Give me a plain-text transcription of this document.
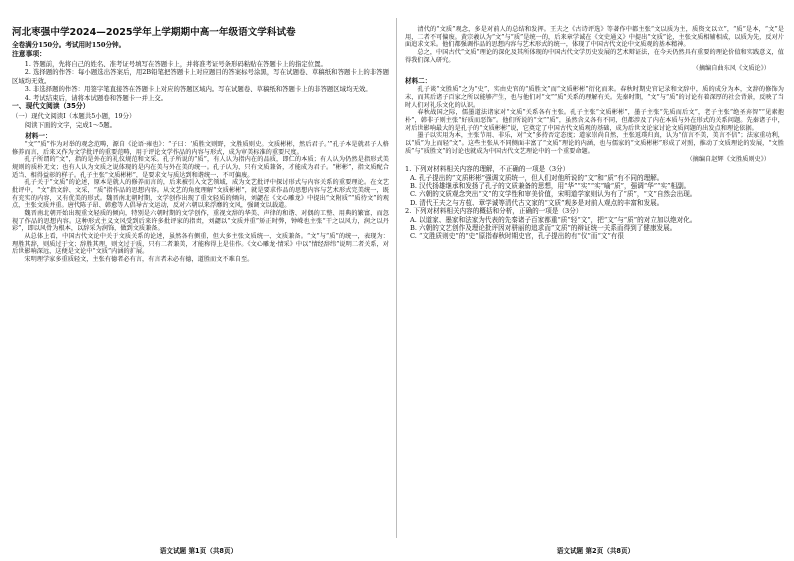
河北枣强中学2024—2025学年上学期期中高一年级语文学科试卷

全卷满分150分。考试用时150分钟。

注意事项：

1. 答题前，先将自己的姓名、准考证号填写在答题卡上，并将准考证号条形码粘贴在答题卡上的指定位置。

2. 选择题的作答：每小题选出答案后，用2B铅笔把答题卡上对应题目的答案标号涂黑，写在试题卷、草稿纸和答题卡上的非答题区域均无效。

3. 非选择题的作答：用签字笔直接答在答题卡上对应的答题区域内。写在试题卷、草稿纸和答题卡上的非答题区域均无效。

4. 考试结束后，请将本试题卷和答题卡一并上交。

一、现代文阅读（35分）

（一）现代文阅读Ⅰ（本题共5小题，19分）

阅读下面的文字，完成1～5题。

材料一：

“文”“质”作为对举的观念范畴，源自《论语·雍也》：“子曰：‘质胜文则野，文胜质则史。文质彬彬，然后君子。’”孔子本是就君子人格修养而言，后来又作为文学批评的重要范畴，用于评论文学作品的内容与形式，成为审美标准的重要尺度。

孔子所谓的“文”，指的是外在的礼仪规范和文采。孔子所说的“质”，有人认为指内在的品质，即仁的本质；有人认为仍然是指形式美规则的质朴无文；也有人认为文质之说体现的是内在美与外在美的统一。孔子认为，只有文质兼备，才能成为君子。“彬彬”，指文质配合适当、相得益彰的样子。孔子主张“文质彬彬”，是要求文与质达到和谐统一，不可偏废。

孔子关于“文质”的论述，原本是就人的修养而言的，后来被引入文艺领域，成为文艺批评中探讨形式与内容关系的重要理论。在文艺批评中，“文”指文辞、文采，“质”指作品的思想内容。从文艺的角度理解“文质彬彬”，就是要求作品的思想内容与艺术形式完美统一，既有充实的内容，又有优美的形式。魏晋南北朝时期，文学创作出现了重文轻质的倾向，刘勰在《文心雕龙》中提出“文附质”“质待文”的观点，主张文质并重。唐代陈子昂、韩愈等人倡导古文运动，反对六朝以来浮靡的文风，强调文以载道。

魏晋南北朝开始出现重文轻质的倾向，特别是六朝时期的文学创作，重视文辞的华美、声律的和谐、对偶的工整、用典的繁富，而忽视了作品的思想内容。这种形式主义文风受到后来许多批评家的指责，刘勰以“文质并重”矫正时弊，钟嵘也主张“干之以风力，润之以丹彩”，即以风骨为根本，以辞采为润饰，做到文质兼备。

从总体上看，中国古代文论中关于文质关系的论述，虽然各有侧重，但大多主张文质统一、文质兼备。“文”与“质”的统一，表现为：理胜其辞，则质过于文；辞胜其理，则文过于质，只有二者兼美，才能称得上是佳作。《文心雕龙·情采》中以“情经辞纬”说明二者关系，对后世影响深远，这便是文论中“文质”内涵的扩展。

宋明理学家多重质轻文，主张有德者必有言，有言者未必有德，道胜而文不难自至。

语文试题 第1页（共8页）

清代的“文质”观念，多是对前人的总结和发挥。王夫之《古诗评选》等著作中都主张“文以质为主，质资文以立”，“质”是本，“文”是用，二者不可偏废。黄宗羲认为“文”与“质”是统一的，后来章学诚在《文史通义》中提出“文质”论，主张文质相辅相成，以质为先，反对片面追求文采。他们都强调作品的思想内容与艺术形式的统一，体现了中国古代文论中文质观的基本精神。

总之，中国古代“文质”理论的深化及其所体现的中国古代文学历史发展的艺术辩证法，在今天仍然具有重要的理论价值和实践意义，值得我们深入研究。

（摘编自曲东风《文质论》）

材料二：

孔子谈“文胜质”之为“史”，实由史官的“质胜文”而“文质彬彬”衍化而来。春秋时期史官记录和文辞中，质的成分为本，文辞的修饰为末，而其后诸子百家之所以能够产生，也与他们对“文”“质”关系的理解有关。先秦时期，“文”与“质”的讨论有着深厚的社会背景，反映了当时人们对礼乐文化的认识。

春秋战国之际，儒墨道法诸家对“文质”关系各有主张。孔子主张“文质彬彬”，墨子主张“先质而后文”，老子主张“绝圣弃智”“见素抱朴”，韩非子则主张“好质而恶饰”。他们所说的“文”“质”，虽然含义各有不同，但都涉及了内在本质与外在形式的关系问题。先秦诸子中，对后世影响最大的是孔子的“文质彬彬”说，它奠定了中国古代文质观的基础，成为后世文论家讨论文质问题的出发点和理论依据。

墨子以实用为本，主张节用、非乐，对“文”多持否定态度；道家崇尚自然，主张返璞归真，认为“信言不美，美言不信”；法家重功利，以“质”为上而轻“文”。这些主张从不同侧面丰富了“文质”理论的内涵，也与儒家的“文质彬彬”形成了对照，推动了文质理论的发展，“文胜质”与“质胜文”的讨论也就成为中国古代文艺理论中的一个重要命题。

（摘编自赵辉《文胜质则史》）

1. 下列对材料相关内容的理解，不正确的一项是（3分）

A. 孔子提出的“文质彬彬”强调文质统一，但人们对他所说的“文”和“质”有不同的理解。

B. 汉代扬雄继承和发扬了孔子的文质兼备的思想，用“华”“实”“实”喻“质”，强调“华”“实”相副。

C. 六朝的文质观念突出“文”的文学性和审美价值，宋明道学家则认为有了“质”，“文”自然会出现。

D. 清代王夫之与方苞、章学诚等清代古文家的“文质”观多是对前人观点的丰富和发展。

2. 下列对材料相关内容的概括和分析，正确的一项是（3分）

A. 以道家、墨家和法家为代表的先秦诸子百家都重“质”轻“文”，把“文”与“质”的对立加以绝对化。

B. 六朝的文艺创作及理论批评因对骈丽的追求而“文质”的辩证统一关系而得到了健康发展。

C. “文胜质则史”的“史”原指春秋时期史官，孔子提出的有“仪”而“文”有很

语文试题 第2页（共8页）
